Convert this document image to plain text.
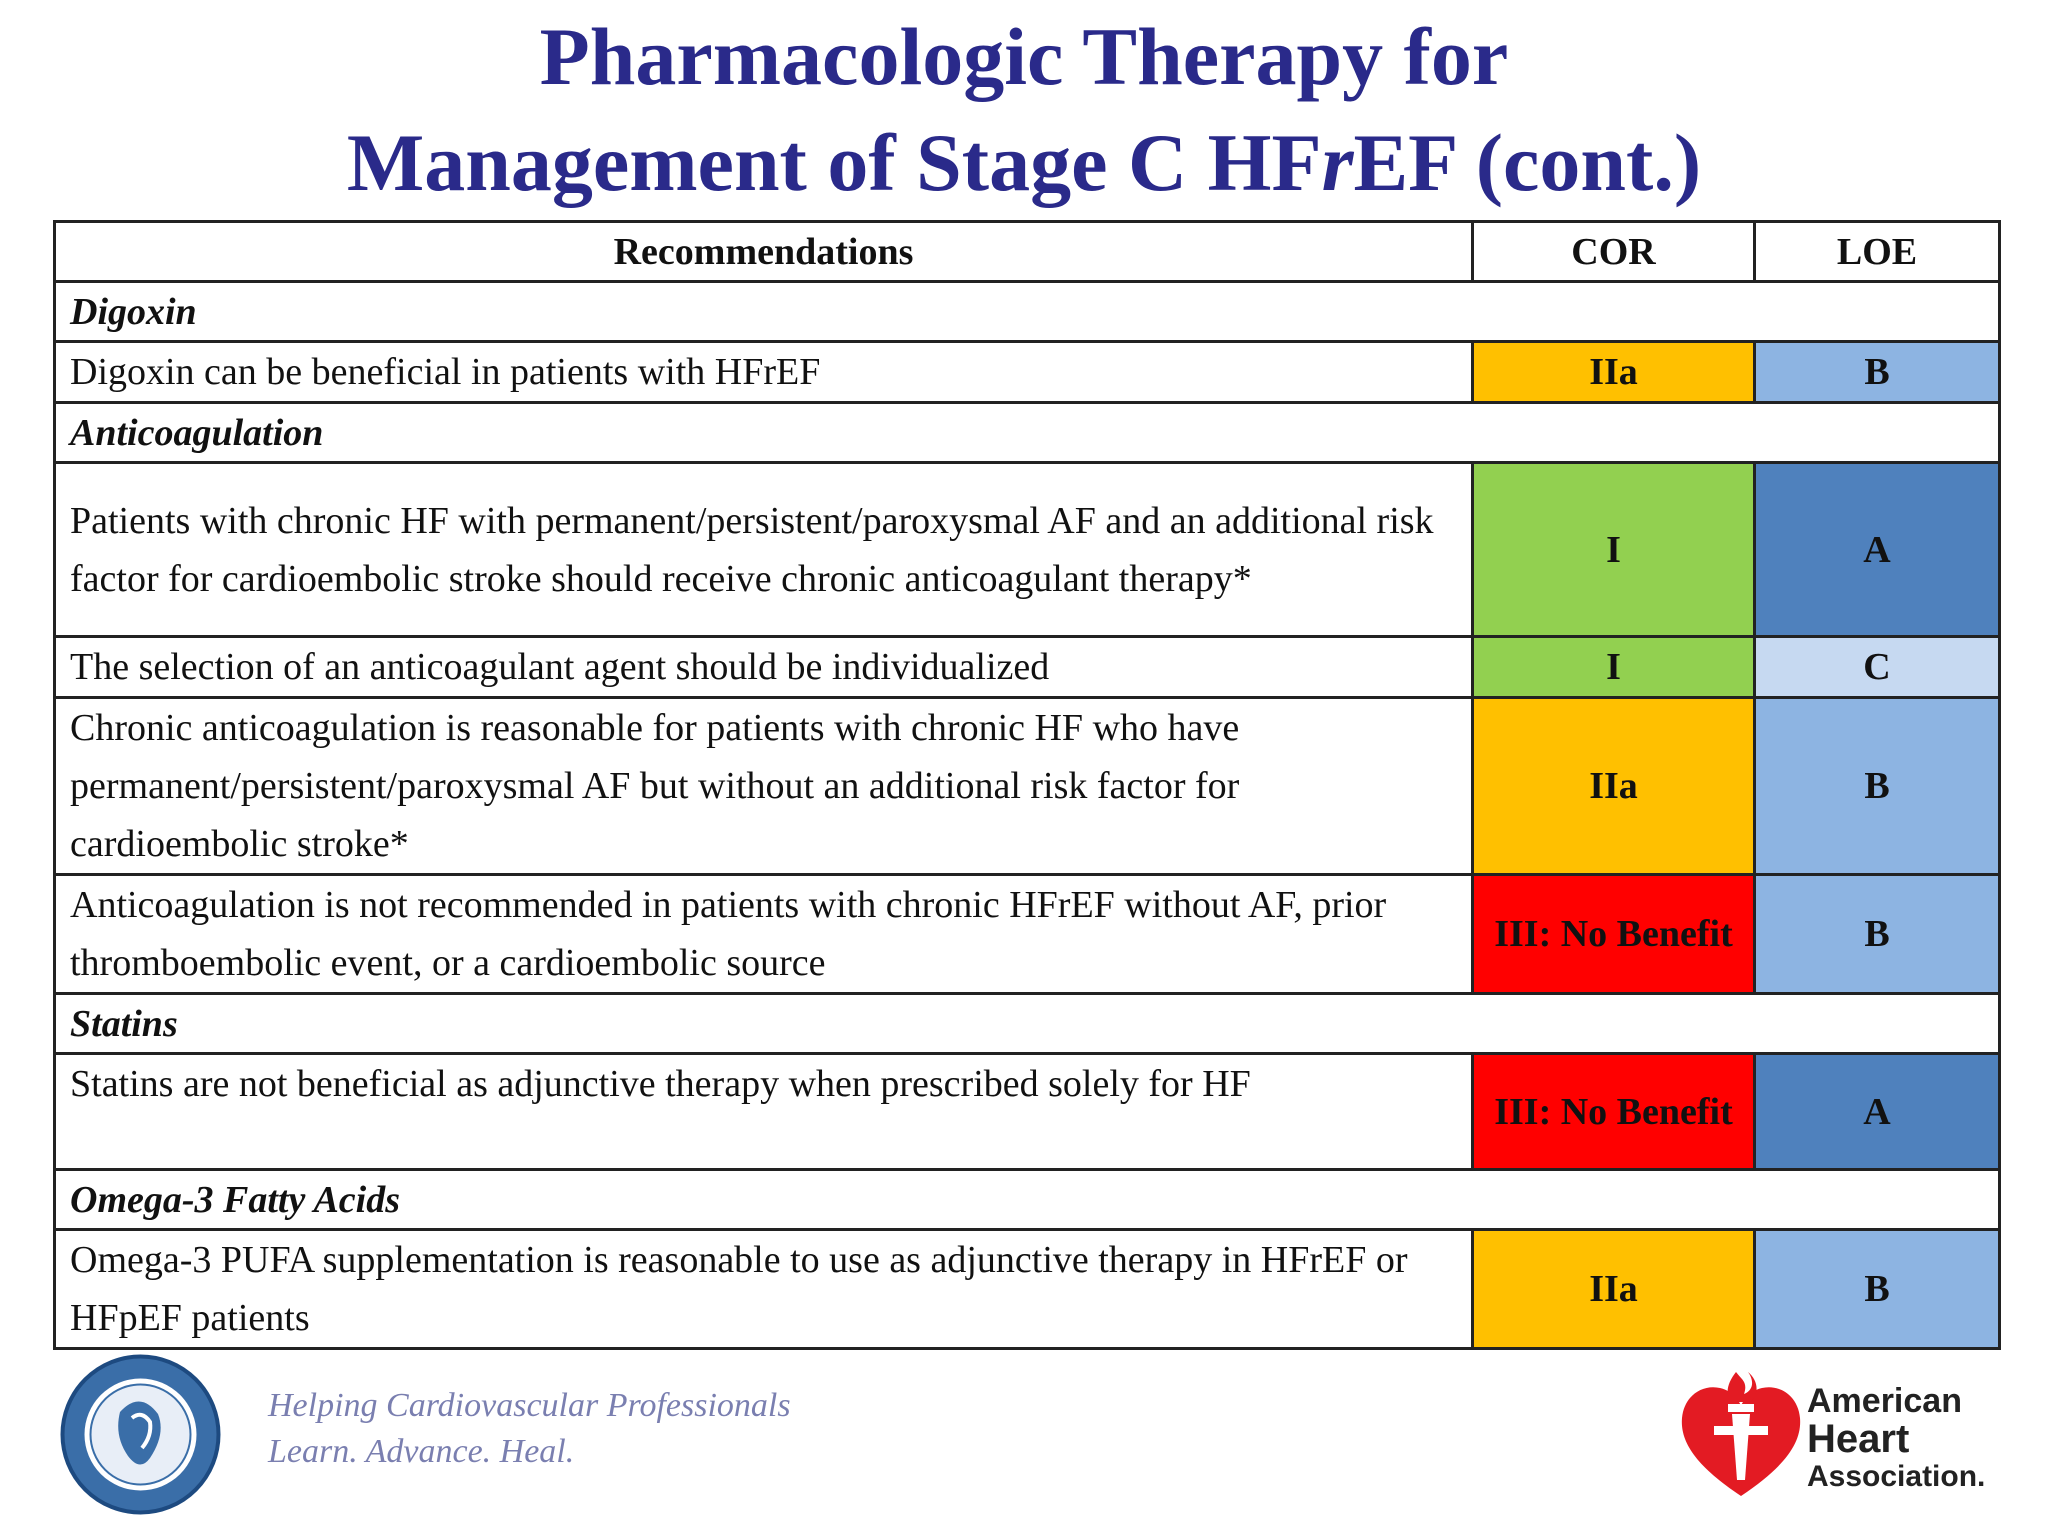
Pharmacologic Therapy for
Management of Stage C HFrEF (cont.)
Recommendations	COR	LOE
Digoxin		
Digoxin can be beneficial in patients with HFrEF	IIa	B
Anticoagulation		
Patients with chronic HF with permanent/persistent/paroxysmal AF and an additional risk factor for cardioembolic stroke should receive chronic anticoagulant therapy*	I	A
The selection of an anticoagulant agent should be individualized	I	C
Chronic anticoagulation is reasonable for patients with chronic HF who have permanent/persistent/paroxysmal AF but without an additional risk factor for cardioembolic stroke*	IIa	B
Anticoagulation is not recommended in patients with chronic HFrEF without AF, prior thromboembolic event, or a cardioembolic source	III: No Benefit	B
Statins		
Statins are not beneficial as adjunctive therapy when prescribed solely for HF	III: No Benefit	A
Omega-3 Fatty Acids		
Omega-3 PUFA supplementation is reasonable to use as adjunctive therapy in HFrEF or HFpEF patients	IIa	B
Helping Cardiovascular Professionals
Learn. Advance. Heal.
American
Heart
Association.
